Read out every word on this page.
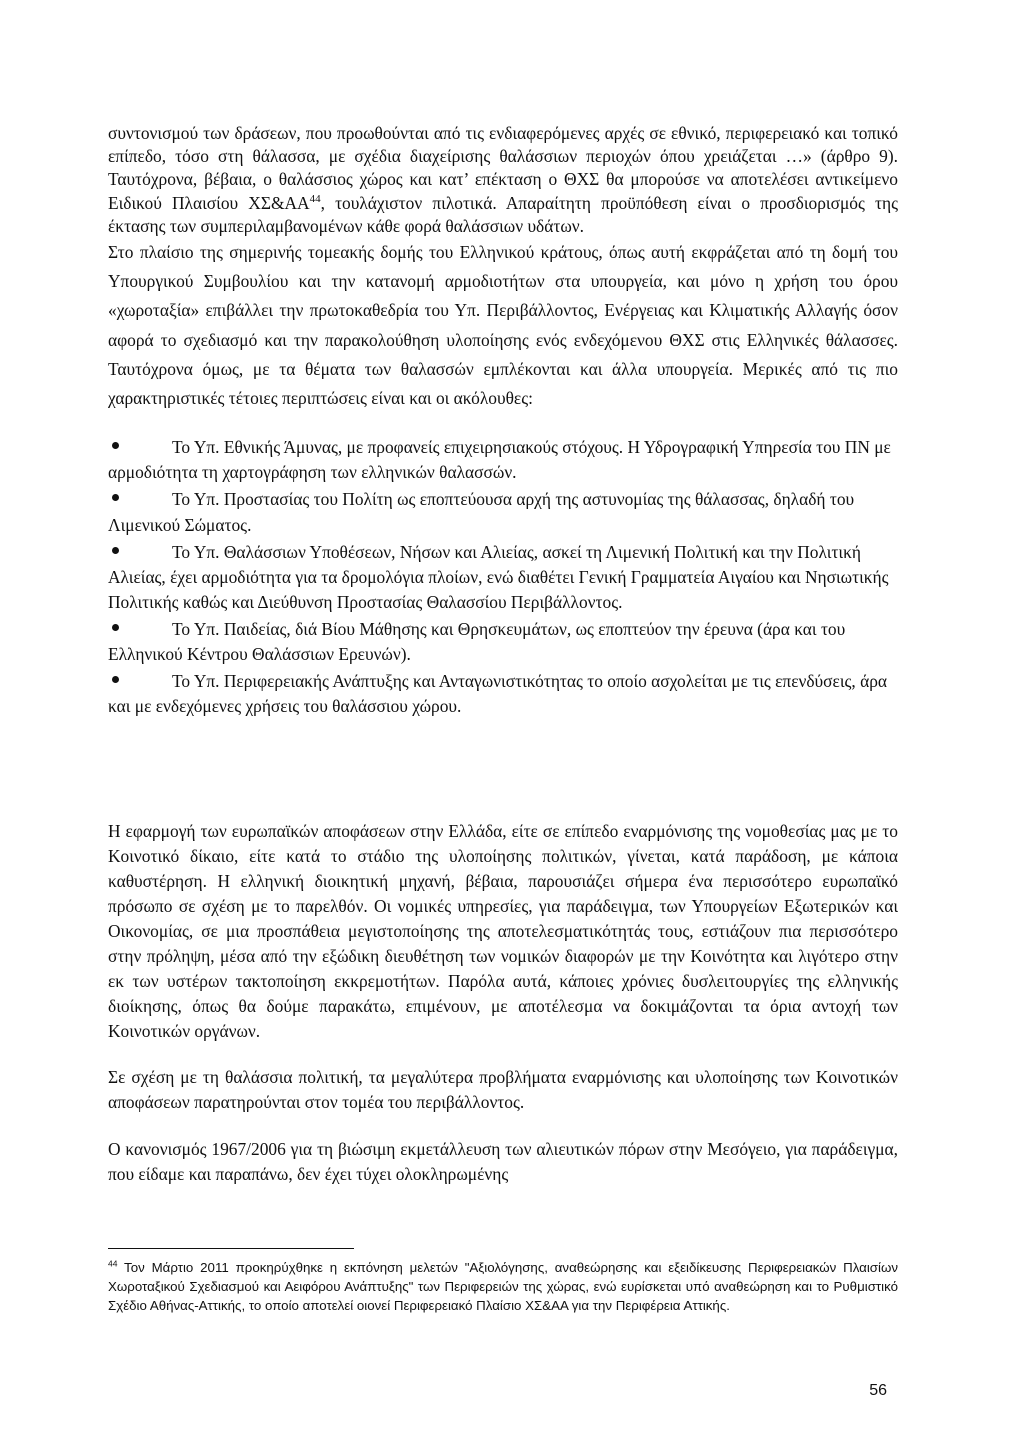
συντονισμού των δράσεων, που προωθούνται από τις ενδιαφερόμενες αρχές σε εθνικό, περιφερειακό και τοπικό επίπεδο, τόσο στη θάλασσα, με σχέδια διαχείρισης θαλάσσιων περιοχών όπου χρειάζεται …» (άρθρο 9). Ταυτόχρονα, βέβαια, ο θαλάσσιος χώρος και κατ’ επέκταση ο ΘΧΣ θα μπορούσε να αποτελέσει αντικείμενο Ειδικού Πλαισίου ΧΣ&ΑΑ$^{44}$, τουλάχιστον πιλοτικά. Απαραίτητη προϋπόθεση είναι ο προσδιορισμός της έκτασης των συμπεριλαμβανομένων κάθε φορά θαλάσσιων υδάτων.

Στο πλαίσιο της σημερινής τομεακής δομής του Ελληνικού κράτους, όπως αυτή εκφράζεται από τη δομή του Υπουργικού Συμβουλίου και την κατανομή αρμοδιοτήτων στα υπουργεία, και μόνο η χρήση του όρου «χωροταξία» επιβάλλει την πρωτοκαθεδρία του Υπ. Περιβάλλοντος, Ενέργειας και Κλιματικής Αλλαγής όσον αφορά το σχεδιασμό και την παρακολούθηση υλοποίησης ενός ενδεχόμενου ΘΧΣ στις Ελληνικές θάλασσες. Ταυτόχρονα όμως, με τα θέματα των θαλασσών εμπλέκονται και άλλα υπουργεία. Μερικές από τις πιο χαρακτηριστικές τέτοιες περιπτώσεις είναι και οι ακόλουθες:

Το Υπ. Εθνικής Άμυνας, με προφανείς επιχειρησιακούς στόχους. Η Υδρογραφική Υπηρεσία του ΠΝ με αρμοδιότητα τη χαρτογράφηση των ελληνικών θαλασσών.
Το Υπ. Προστασίας του Πολίτη ως εποπτεύουσα αρχή της αστυνομίας της θάλασσας, δηλαδή του Λιμενικού Σώματος.
Το Υπ. Θαλάσσιων Υποθέσεων, Νήσων και Αλιείας, ασκεί τη Λιμενική Πολιτική και την Πολιτική Αλιείας, έχει αρμοδιότητα για τα δρομολόγια πλοίων, ενώ διαθέτει Γενική Γραμματεία Αιγαίου και Νησιωτικής Πολιτικής καθώς και Διεύθυνση Προστασίας Θαλασσίου Περιβάλλοντος.
Το Υπ. Παιδείας, διά Βίου Μάθησης και Θρησκευμάτων, ως εποπτεύον την έρευνα (άρα και του Ελληνικού Κέντρου Θαλάσσιων Ερευνών).
Το Υπ. Περιφερειακής Ανάπτυξης και Ανταγωνιστικότητας το οποίο ασχολείται με τις επενδύσεις, άρα και με ενδεχόμενες χρήσεις του θαλάσσιου χώρου.

Η εφαρμογή των ευρωπαϊκών αποφάσεων στην Ελλάδα, είτε σε επίπεδο εναρμόνισης της νομοθεσίας μας με το Κοινοτικό δίκαιο, είτε κατά το στάδιο της υλοποίησης πολιτικών, γίνεται, κατά παράδοση, με κάποια καθυστέρηση. Η ελληνική διοικητική μηχανή, βέβαια, παρουσιάζει σήμερα ένα περισσότερο ευρωπαϊκό πρόσωπο σε σχέση με το παρελθόν. Οι νομικές υπηρεσίες, για παράδειγμα, των Υπουργείων Εξωτερικών και Οικονομίας, σε μια προσπάθεια μεγιστοποίησης της αποτελεσματικότητάς τους, εστιάζουν πια περισσότερο στην πρόληψη, μέσα από την εξώδικη διευθέτηση των νομικών διαφορών με την Κοινότητα και λιγότερο στην εκ των υστέρων τακτοποίηση εκκρεμοτήτων. Παρόλα αυτά, κάποιες χρόνιες δυσλειτουργίες της ελληνικής διοίκησης, όπως θα δούμε παρακάτω, επιμένουν, με αποτέλεσμα να δοκιμάζονται τα όρια αντοχή των Κοινοτικών οργάνων.

Σε σχέση με τη θαλάσσια πολιτική, τα μεγαλύτερα προβλήματα εναρμόνισης και υλοποίησης των Κοινοτικών αποφάσεων παρατηρούνται στον τομέα του περιβάλλοντος.

Ο κανονισμός 1967/2006 για τη βιώσιμη εκμετάλλευση των αλιευτικών πόρων στην Μεσόγειο, για παράδειγμα, που είδαμε και παραπάνω, δεν έχει τύχει ολοκληρωμένης

$^{44}$ Τον Μάρτιο 2011 προκηρύχθηκε η εκπόνηση μελετών "Αξιολόγησης, αναθεώρησης και εξειδίκευσης Περιφερειακών Πλαισίων Χωροταξικού Σχεδιασμού και Αειφόρου Ανάπτυξης" των Περιφερειών της χώρας, ενώ ευρίσκεται υπό αναθεώρηση και το Ρυθμιστικό Σχέδιο Αθήνας-Αττικής, το οποίο αποτελεί οιονεί Περιφερειακό Πλαίσιο ΧΣ&ΑΑ για την Περιφέρεια Αττικής.
56
